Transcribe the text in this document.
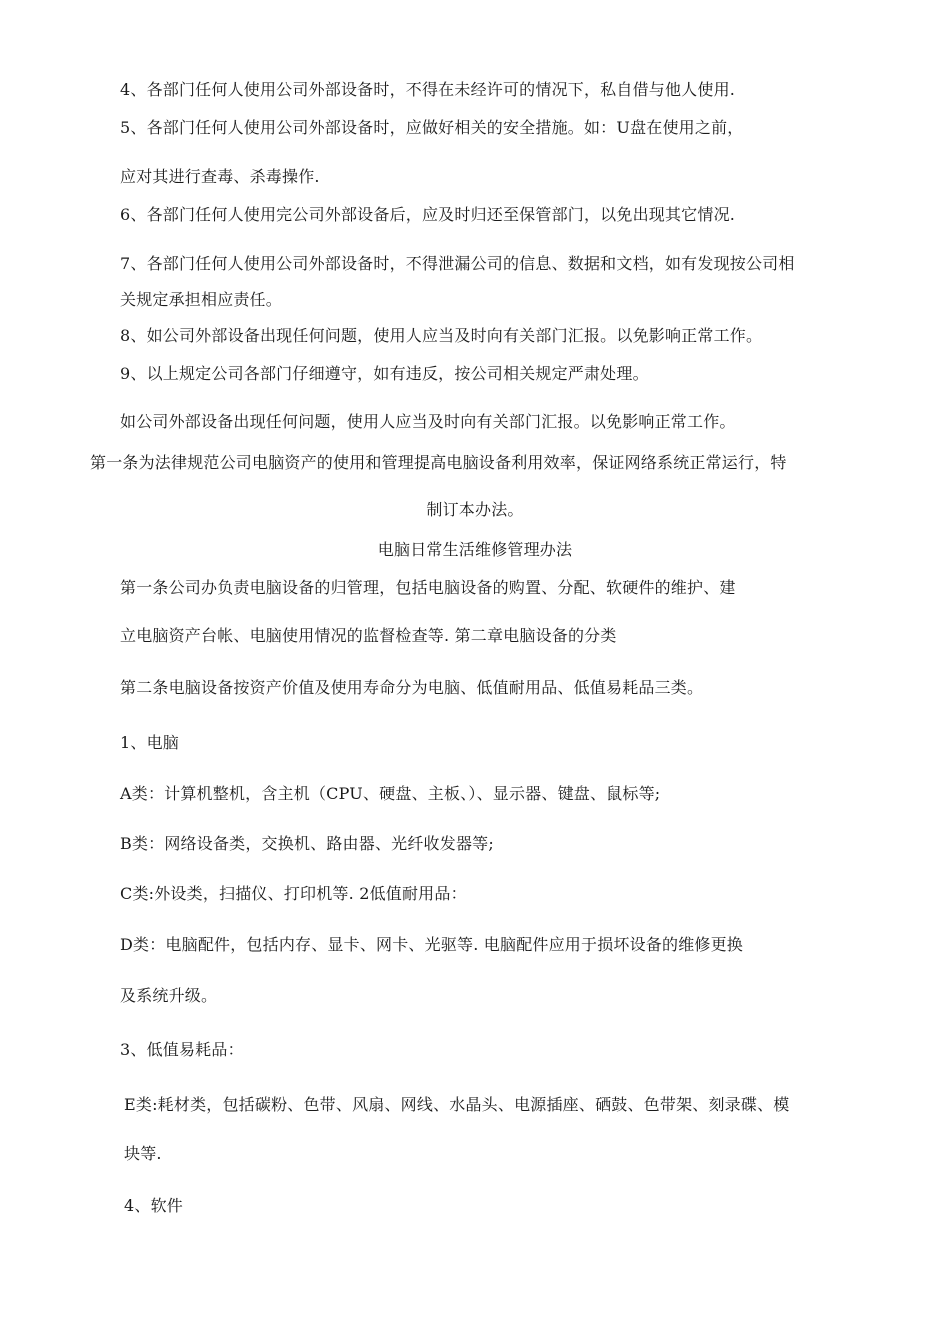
4、各部门任何人使用公司外部设备时，不得在未经许可的情况下，私自借与他人使用.
5、各部门任何人使用公司外部设备时，应做好相关的安全措施。如：U盘在使用之前，
应对其进行查毒、杀毒操作.
6、各部门任何人使用完公司外部设备后，应及时归还至保管部门，以免出现其它情况.
7、各部门任何人使用公司外部设备时，不得泄漏公司的信息、数据和文档，如有发现按公司相
关规定承担相应责任。
8、如公司外部设备出现任何问题，使用人应当及时向有关部门汇报。以免影响正常工作。
9、以上规定公司各部门仔细遵守，如有违反，按公司相关规定严肃处理。
如公司外部设备出现任何问题，使用人应当及时向有关部门汇报。以免影响正常工作。
第一条为法律规范公司电脑资产的使用和管理提高电脑设备利用效率，保证网络系统正常运行，特
制订本办法。
电脑日常生活维修管理办法
第一条公司办负责电脑设备的归管理，包括电脑设备的购置、分配、软硬件的维护、建
立电脑资产台帐、电脑使用情况的监督检查等. 第二章电脑设备的分类
第二条电脑设备按资产价值及使用寿命分为电脑、低值耐用品、低值易耗品三类。
1、电脑
A类：计算机整机，含主机（CPU、硬盘、主板、）、显示器、键盘、鼠标等;
B类：网络设备类，交换机、路由器、光纤收发器等;
C类:外设类，扫描仪、打印机等. 2低值耐用品：
D类：电脑配件，包括内存、显卡、网卡、光驱等. 电脑配件应用于损坏设备的维修更换
及系统升级。
3、低值易耗品：
E类:耗材类，包括碳粉、色带、风扇、网线、水晶头、电源插座、硒鼓、色带架、刻录碟、模
块等.
4、软件
